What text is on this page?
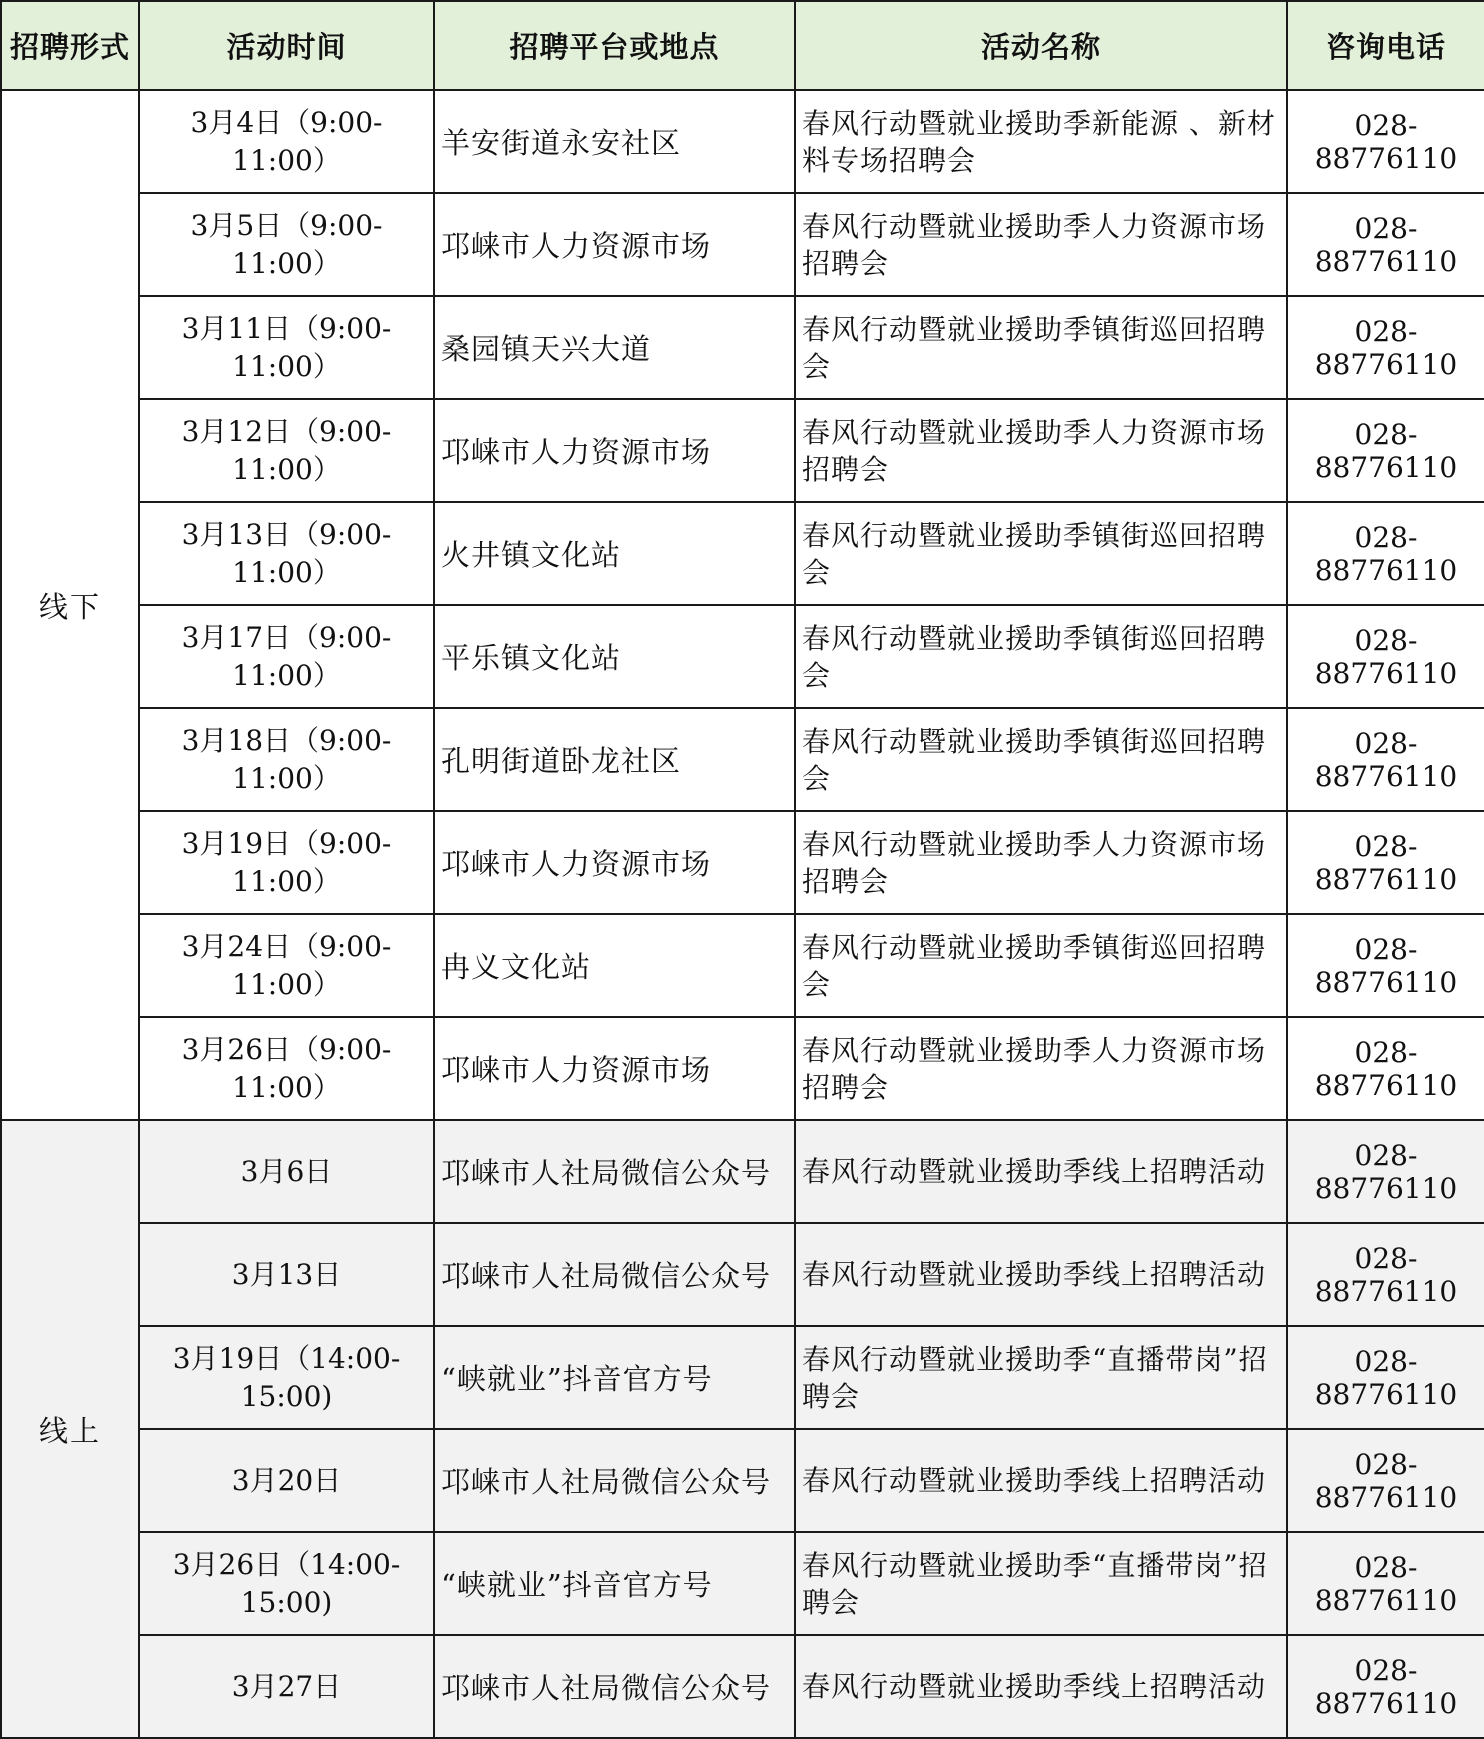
招聘形式	活动时间	招聘平台或地点	活动名称	咨询电话
线下	3月4日（9:00-11:00）	羊安街道永安社区	春风行动暨就业援助季新能源 、新材料专场招聘会	028-88776110
	3月5日（9:00-11:00）	邛崃市人力资源市场	春风行动暨就业援助季人力资源市场招聘会	028-88776110
	3月11日（9:00-11:00）	桑园镇天兴大道	春风行动暨就业援助季镇街巡回招聘会	028-88776110
	3月12日（9:00-11:00）	邛崃市人力资源市场	春风行动暨就业援助季人力资源市场招聘会	028-88776110
	3月13日（9:00-11:00）	火井镇文化站	春风行动暨就业援助季镇街巡回招聘会	028-88776110
	3月17日（9:00-11:00）	平乐镇文化站	春风行动暨就业援助季镇街巡回招聘会	028-88776110
	3月18日（9:00-11:00）	孔明街道卧龙社区	春风行动暨就业援助季镇街巡回招聘会	028-88776110
	3月19日（9:00-11:00）	邛崃市人力资源市场	春风行动暨就业援助季人力资源市场招聘会	028-88776110
	3月24日（9:00-11:00）	冉义文化站	春风行动暨就业援助季镇街巡回招聘会	028-88776110
	3月26日（9:00-11:00）	邛崃市人力资源市场	春风行动暨就业援助季人力资源市场招聘会	028-88776110
线上	3月6日	邛崃市人社局微信公众号	春风行动暨就业援助季线上招聘活动	028-88776110
	3月13日	邛崃市人社局微信公众号	春风行动暨就业援助季线上招聘活动	028-88776110
	3月19日（14:00-15:00)	“峡就业”抖音官方号	春风行动暨就业援助季“直播带岗”招聘会	028-88776110
	3月20日	邛崃市人社局微信公众号	春风行动暨就业援助季线上招聘活动	028-88776110
	3月26日（14:00-15:00)	“峡就业”抖音官方号	春风行动暨就业援助季“直播带岗”招聘会	028-88776110
	3月27日	邛崃市人社局微信公众号	春风行动暨就业援助季线上招聘活动	028-88776110
